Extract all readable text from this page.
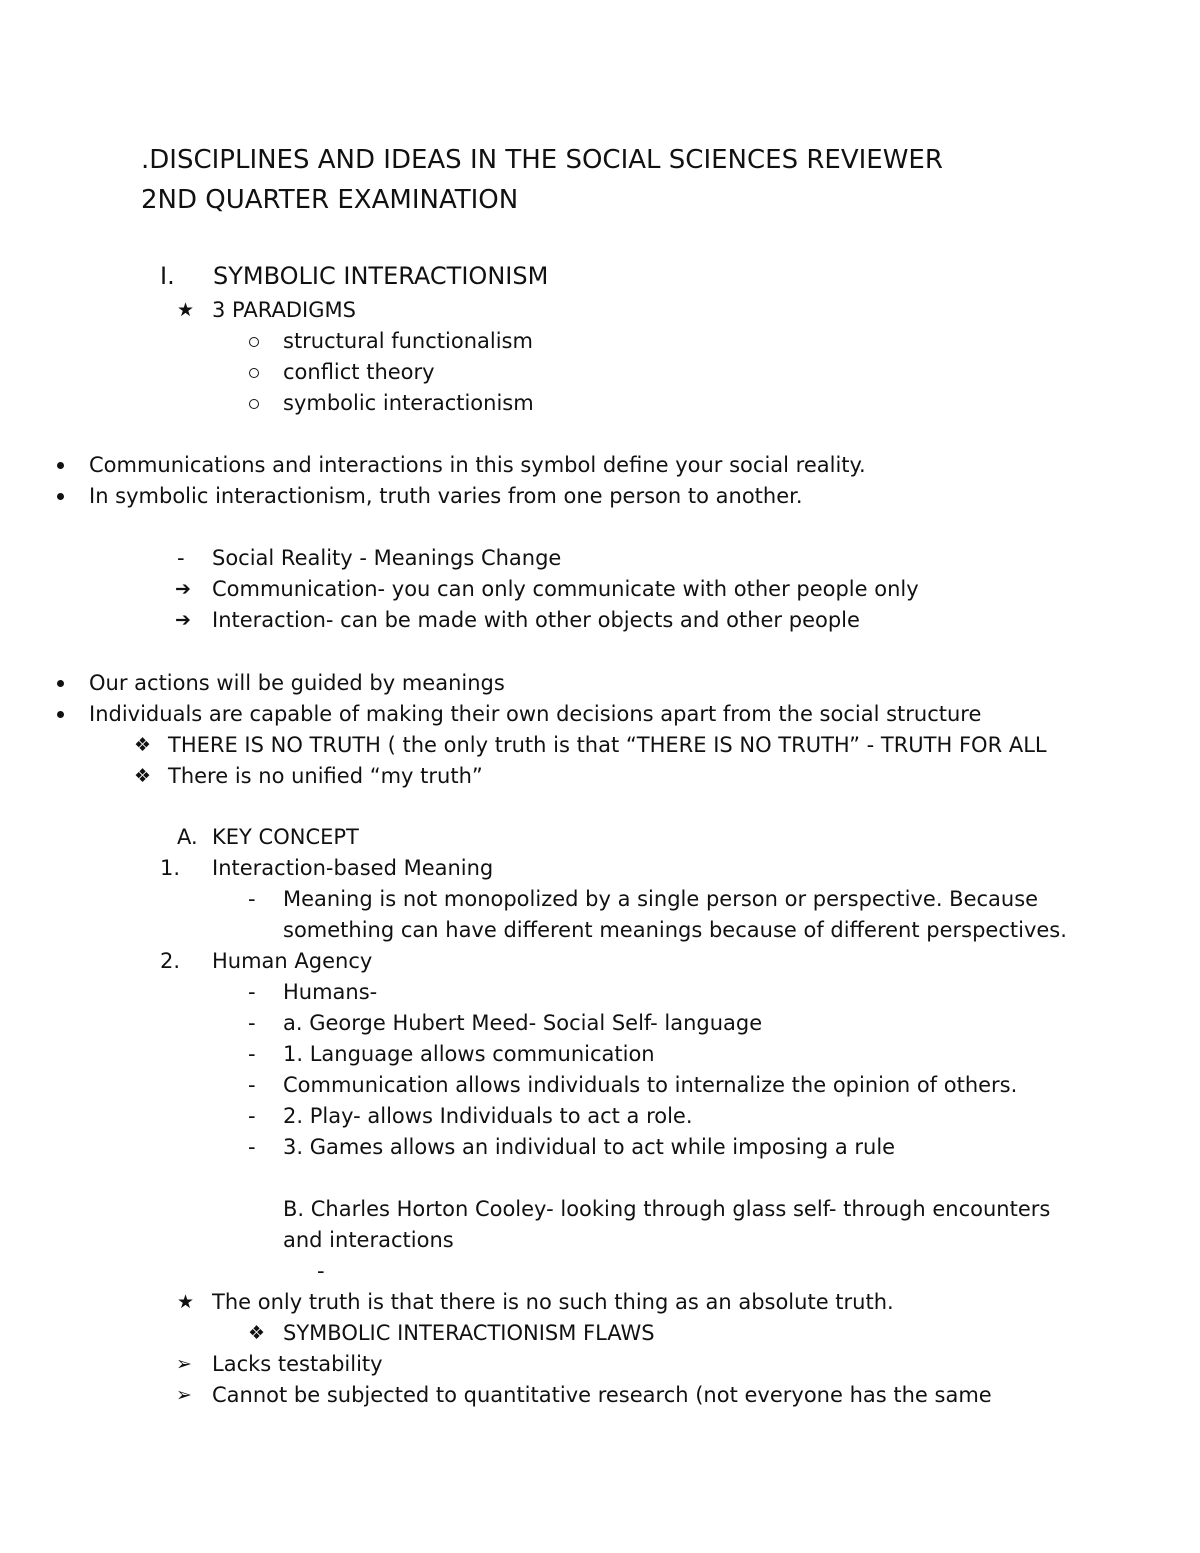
.DISCIPLINES AND IDEAS IN THE SOCIAL SCIENCES REVIEWER
2ND QUARTER EXAMINATION
I. SYMBOLIC INTERACTIONISM
★ 3 PARADIGMS
structural functionalism
conflict theory
symbolic interactionism
Communications and interactions in this symbol define your social reality.
In symbolic interactionism, truth varies from one person to another.
- Social Reality - Meanings Change
➔ Communication- you can only communicate with other people only
➔ Interaction- can be made with other objects and other people
Our actions will be guided by meanings
Individuals are capable of making their own decisions apart from the social structure
❖ THERE IS NO TRUTH ( the only truth is that “THERE IS NO TRUTH” - TRUTH FOR ALL
❖ There is no unified “my truth”
A. KEY CONCEPT
1. Interaction-based Meaning
- Meaning is not monopolized by a single person or perspective. Because
something can have different meanings because of different perspectives.
2. Human Agency
- Humans-
- a. George Hubert Meed- Social Self- language
- 1. Language allows communication
- Communication allows individuals to internalize the opinion of others.
- 2. Play- allows Individuals to act a role.
- 3. Games allows an individual to act while imposing a rule
B. Charles Horton Cooley- looking through glass self- through encounters
and interactions
-
★ The only truth is that there is no such thing as an absolute truth.
❖ SYMBOLIC INTERACTIONISM FLAWS
➢ Lacks testability
➢ Cannot be subjected to quantitative research (not everyone has the same
